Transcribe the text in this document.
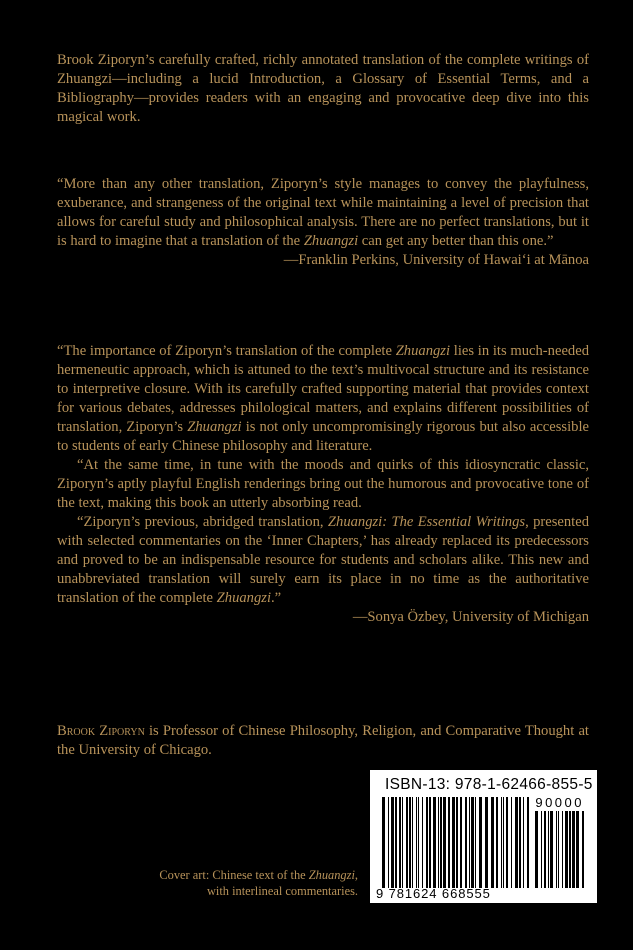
Brook Ziporyn’s carefully crafted, richly annotated translation of the complete writings of Zhuangzi—including a lucid Introduction, a Glossary of Essential Terms, and a Bibliography—provides readers with an engaging and provocative deep dive into this magical work.

“More than any other translation, Ziporyn’s style manages to convey the playfulness, exuberance, and strangeness of the original text while maintaining a level of precision that allows for careful study and philosophical analysis. There are no perfect translations, but it is hard to imagine that a translation of the Zhuangzi can get any better than this one.”

—Franklin Perkins, University of Hawai‘i at Mānoa

“The importance of Ziporyn’s translation of the complete Zhuangzi lies in its much-needed hermeneutic approach, which is attuned to the text’s multivocal structure and its resistance to interpretive closure. With its carefully crafted supporting material that provides context for various debates, addresses philological matters, and explains different possibilities of translation, Ziporyn’s Zhuangzi is not only uncompromisingly rigorous but also accessible to students of early Chinese philosophy and literature.

“At the same time, in tune with the moods and quirks of this idiosyncratic classic, Ziporyn’s aptly playful English renderings bring out the humorous and provocative tone of the text, making this book an utterly absorbing read.

“Ziporyn’s previous, abridged translation, Zhuangzi: The Essential Writings, presented with selected commentaries on the ‘Inner Chapters,’ has already replaced its predecessors and proved to be an indispensable resource for students and scholars alike. This new and unabbreviated translation will surely earn its place in no time as the authoritative translation of the complete Zhuangzi.”

—Sonya Özbey, University of Michigan

Brook Ziporyn is Professor of Chinese Philosophy, Religion, and Comparative Thought at the University of Chicago.

Cover art: Chinese text of the Zhuangzi,
with interlineal commentaries.
ISBN-13: 978-1-62466-855-5
90000
9 781624 668555
